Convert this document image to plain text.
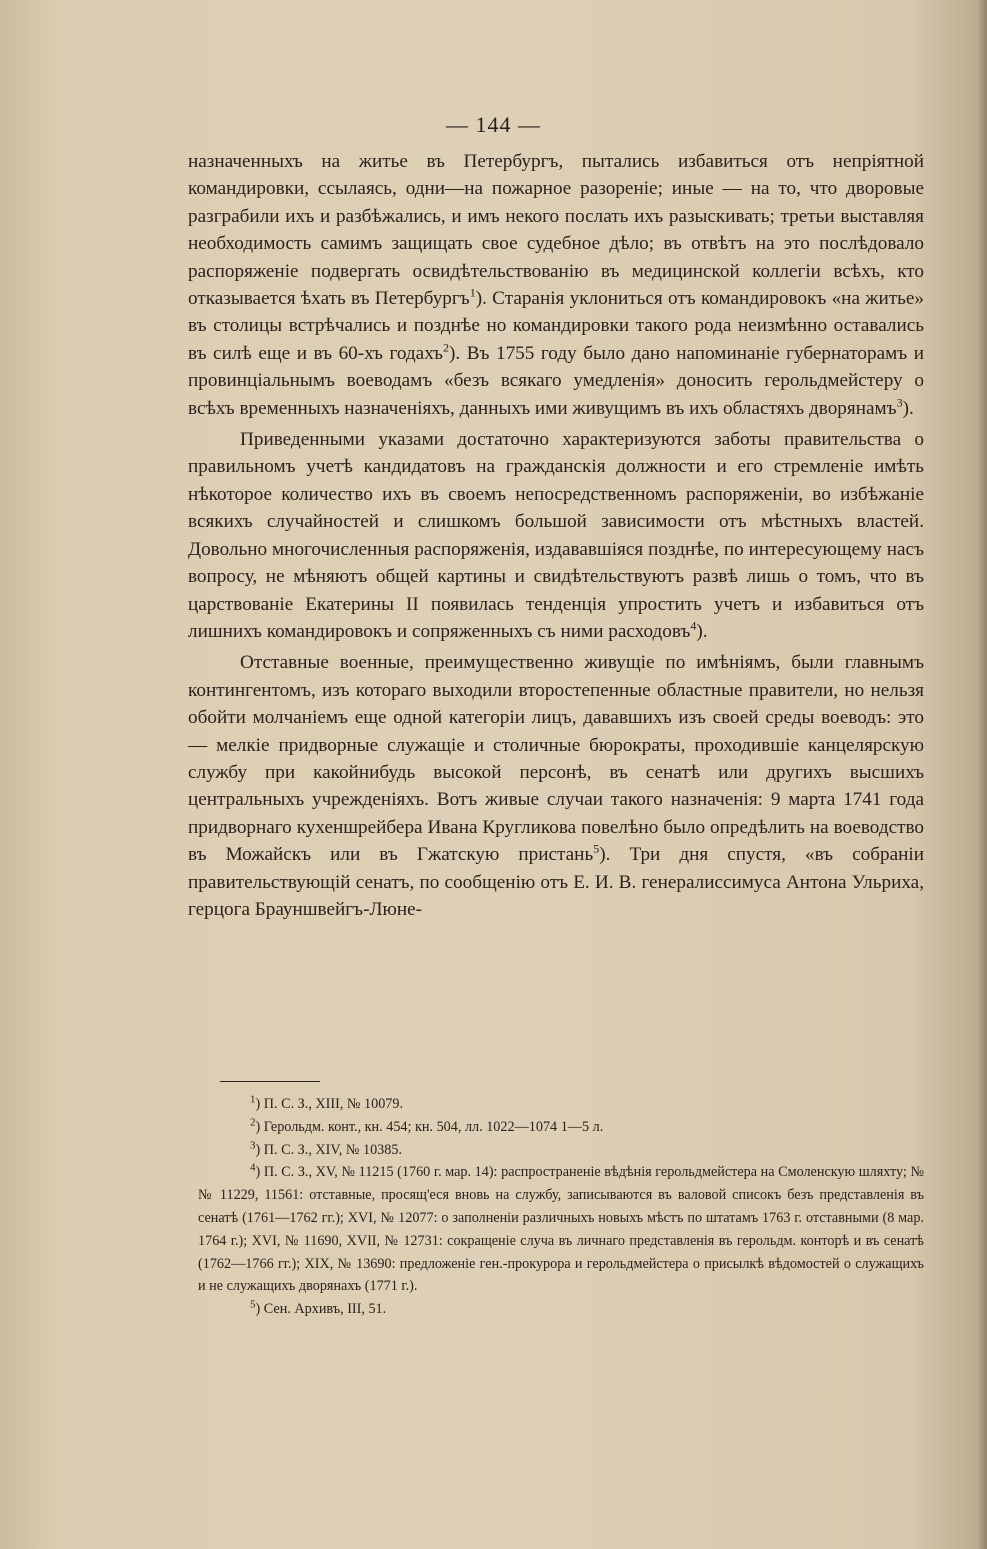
— 144 —

назначенныхъ на житье въ Петербургъ, пытались избавиться отъ непріятной командировки, ссылаясь, одни—на пожарное разореніе; иные — на то, что дворовые разграбили ихъ и разбѣжались, и имъ некого послать ихъ разыскивать; третьи выставляя необходимость самимъ защищать свое судебное дѣло; въ отвѣтъ на это послѣдовало распоряженіе подвергать освидѣтельствованію въ медицинской коллегіи всѣхъ, кто отказывается ѣхать въ Петербургъ$^1$). Старанія уклониться отъ командировокъ «на житье» въ столицы встрѣчались и позднѣе но командировки такого рода неизмѣнно оставались въ силѣ еще и въ 60-хъ годахъ$^2$). Въ 1755 году было дано напоминаніе губернаторамъ и провинціальнымъ воеводамъ «безъ всякаго умедленія» доносить герольдмейстеру о всѣхъ временныхъ назначеніяхъ, данныхъ ими живущимъ въ ихъ областяхъ дворянамъ$^3$).

Приведенными указами достаточно характеризуются заботы правительства о правильномъ учетѣ кандидатовъ на гражданскія должности и его стремленіе имѣть нѣкоторое количество ихъ въ своемъ непосредственномъ распоряженіи, во избѣжаніе всякихъ случайностей и слишкомъ большой зависимости отъ мѣстныхъ властей. Довольно многочисленныя распоряженія, издававшіяся позднѣе, по интересующему насъ вопросу, не мѣняютъ общей картины и свидѣтельствуютъ развѣ лишь о томъ, что въ царствованіе Екатерины II появилась тенденція упростить учетъ и избавиться отъ лишнихъ командировокъ и сопряженныхъ съ ними расходовъ$^4$).

Отставные военные, преимущественно живущіе по имѣніямъ, были главнымъ контингентомъ, изъ котораго выходили второстепенные областные правители, но нельзя обойти молчаніемъ еще одной категоріи лицъ, дававшихъ изъ своей среды воеводъ: это — мелкіе придворные служащіе и столичные бюрократы, проходившіе канцелярскую службу при какойнибудь высокой персонѣ, въ сенатѣ или другихъ высшихъ центральныхъ учрежденіяхъ. Вотъ живые случаи такого назначенія: 9 марта 1741 года придворнаго кухеншрейбера Ивана Кругликова повелѣно было опредѣлить на воеводство въ Можайскъ или въ Гжатскую пристань$^5$). Три дня спустя, «въ собраніи правительствующій сенатъ, по сообщенію отъ Е. И. В. генералиссимуса Антона Ульриха, герцога Брауншвейгъ-Люне-

$^1$) П. С. З., XIII, № 10079.

$^2$) Герольдм. конт., кн. 454; кн. 504, лл. 1022—1074 1—5 л.

$^3$) П. С. З., XIV, № 10385.

$^4$) П. С. З., XV, № 11215 (1760 г. мар. 14): распространеніе вѣдѣнія герольдмейстера на Смоленскую шляхту; №№ 11229, 11561: отставные, просящ'еся вновь на службу, записываются въ валовой списокъ безъ представленія въ сенатѣ (1761—1762 гг.); XVI, № 12077: о заполненіи различныхъ новыхъ мѣстъ по штатамъ 1763 г. отставными (8 мар. 1764 г.); XVI, № 11690, XVII, № 12731: сокращеніе случа въ личнаго представленія въ герольдм. конторѣ и въ сенатѣ (1762—1766 гг.); XIX, № 13690: предложеніе ген.-прокурора и герольдмейстера о присылкѣ вѣдомостей о служащихъ и не служащихъ дворянахъ (1771 г.).

$^5$) Сен. Архивъ, III, 51.
